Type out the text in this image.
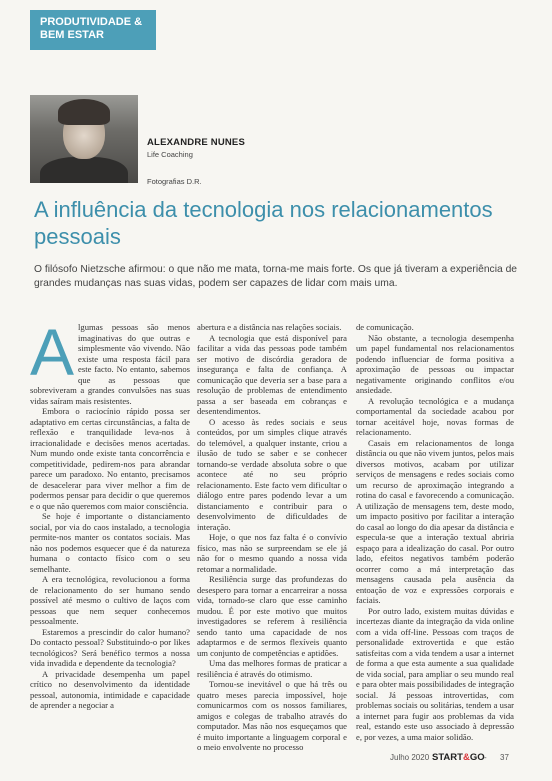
PRODUTIVIDADE & BEM ESTAR
ALEXANDRE NUNES
Life Coaching
Fotografias D.R.
A influência da tecnologia nos relacionamentos pessoais
O filósofo Nietzsche afirmou: o que não me mata, torna-me mais forte. Os que já tiveram a experiência de grandes mudanças nas suas vidas, podem ser capazes de lidar com mais uma.
A lgumas pessoas são menos imaginativas do que outras e simplesmente vão vivendo. Não existe uma resposta fácil para este facto. No entanto, sabemos que as pessoas que sobreviveram a grandes convulsões nas suas vidas saíram mais resistentes.

Embora o raciocínio rápido possa ser adaptativo em certas circunstâncias, a falta de reflexão e tranquilidade leva-nos à irracionalidade e decisões menos acertadas. Num mundo onde existe tanta concorrência e competitividade, pedirem-nos para abrandar parece um paradoxo. No entanto, precisamos de desacelerar para viver melhor a fim de podermos pensar para decidir o que queremos e o que não queremos com maior consciência.

Se hoje é importante o distanciamento social, por via do caos instalado, a tecnologia permite-nos manter os contatos sociais. Mas não nos podemos esquecer que é da natureza humana o contacto físico com o seu semelhante.

A era tecnológica, revolucionou a forma de relacionamento do ser humano sendo possível até mesmo o cultivo de laços com pessoas que nem sequer conhecemos pessoalmente.

Estaremos a prescindir do calor humano? Do contacto pessoal? Substituindo-o por likes tecnológicos? Será benéfico termos a nossa vida invadida e dependente da tecnologia?

A privacidade desempenha um papel crítico no desenvolvimento da identidade pessoal, autonomia, intimidade e capacidade de aprender a negociar a

abertura e a distância nas relações sociais.

A tecnologia que está disponível para facilitar a vida das pessoas pode também ser motivo de discórdia geradora de insegurança e falta de confiança. A comunicação que deveria ser a base para a resolução de problemas de entendimento passa a ser baseada em cobranças e desentendimentos.

O acesso às redes sociais e seus conteúdos, por um simples clique através do telemóvel, a qualquer instante, criou a ilusão de tudo se saber e se conhecer tornando-se verdade absoluta sobre o que acontece até no seu próprio relacionamento. Este facto vem dificultar o diálogo entre pares podendo levar a um distanciamento e contribuir para o desenvolvimento de dificuldades de interação.

Hoje, o que nos faz falta é o convívio físico, mas não se surpreendam se ele já não for o mesmo quando a nossa vida retomar a normalidade.

Resiliência surge das profundezas do desespero para tornar a encarreirar a nossa vida, tornado-se claro que esse caminho mudou. É por este motivo que muitos investigadores se referem à resiliência sendo tanto uma capacidade de nos adaptarmos e de sermos flexíveis quanto um conjunto de competências e aptidões.

Uma das melhores formas de praticar a resiliência é através do otimismo.

Tornou-se inevitável o que há três ou quatro meses parecia impossível, hoje comunicarmos com os nossos familiares, amigos e colegas de trabalho através do computador. Mas não nos esqueçamos que é muito importante a linguagem corporal e o meio envolvente no processo

de comunicação.

Não obstante, a tecnologia desempenha um papel fundamental nos relacionamentos podendo influenciar de forma positiva a aproximação de pessoas ou impactar negativamente originando conflitos e/ou ansiedade.

A revolução tecnológica e a mudança comportamental da sociedade acabou por tornar aceitável hoje, novas formas de relacionamento.

Casais em relacionamentos de longa distância ou que não vivem juntos, pelos mais diversos motivos, acabam por utilizar serviços de mensagens e redes sociais como um recurso de aproximação integrando a rotina do casal e favorecendo a comunicação. A utilização de mensagens tem, deste modo, um impacto positivo por facilitar a interação do casal ao longo do dia apesar da distância e especula-se que a interação textual abriria espaço para a idealização do casal. Por outro lado, efeitos negativos também poderão ocorrer como a má interpretação das mensagens causada pela ausência da entoação de voz e expressões corporais e faciais.

Por outro lado, existem muitas dúvidas e incertezas diante da integração da vida online com a vida off-line. Pessoas com traços de personalidade extrovertida e que estão satisfeitas com a vida tendem a usar a internet de forma a que esta aumente a sua qualidade de vida social, para ampliar o seu mundo real e para obter mais possibilidades de integração social. Já pessoas introvertidas, com problemas sociais ou solitárias, tendem a usar a internet para fugir aos problemas da vida real, estando este uso associado à depressão e, por vezes, a uma maior solidão.

Julho 2020 START&GO - 37
